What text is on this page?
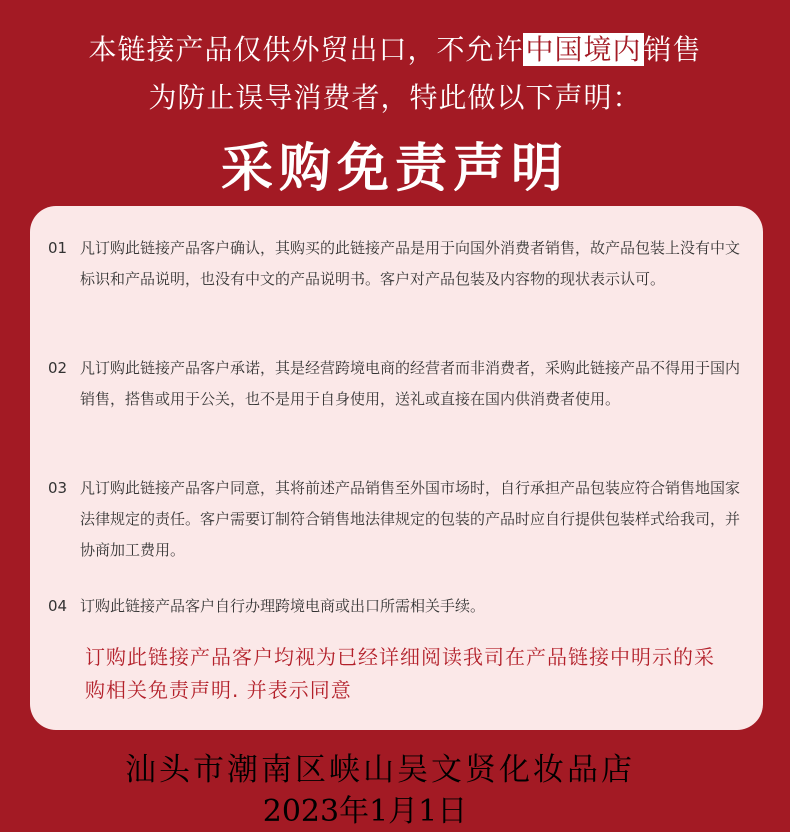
本链接产品仅供外贸出口，不允许中国境内销售
为防止误导消费者，特此做以下声明：
采购免责声明
01 凡订购此链接产品客户确认，其购买的此链接产品是用于向国外消费者销售，故产品包装上没有中文标识和产品说明，也没有中文的产品说明书。客户对产品包装及内容物的现状表示认可。
02 凡订购此链接产品客户承诺，其是经营跨境电商的经营者而非消费者，采购此链接产品不得用于国内销售，搭售或用于公关，也不是用于自身使用，送礼或直接在国内供消费者使用。
03 凡订购此链接产品客户同意，其将前述产品销售至外国市场时，自行承担产品包装应符合销售地国家法律规定的责任。客户需要订制符合销售地法律规定的包装的产品时应自行提供包装样式给我司，并协商加工费用。
04 订购此链接产品客户自行办理跨境电商或出口所需相关手续。
订购此链接产品客户均视为已经详细阅读我司在产品链接中明示的采购相关免责声明. 并表示同意
汕头市潮南区峡山吴文贤化妆品店
2023年1月1日
